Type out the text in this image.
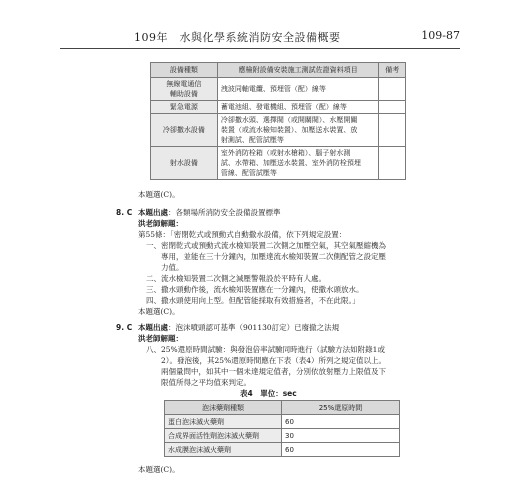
109年　水與化學系統消防安全設備概要	109-87
設備種類	應檢附設備安裝施工測試佐證資料項目	備考

無線電通信
輔助設備	洩波同軸電纜、預埋管（配）線等	

緊急電源	蓄電池組、發電機組、預埋管（配）線等	

冷卻撒水設備	冷卻撒水頭、選擇閥（或開關閥）、水壓開關
裝置（或流水檢知裝置）、加壓送水裝置、放
射測試、配管試壓等	

射水設備	室外消防栓箱（或射水槍箱）、腦子射水測
試、水帶箱、加壓送水裝置、室外消防栓預埋
管線、配管試壓等	

本題選(C)。
8. C 本題出處：各類場所消防安全設備設置標準
洪老師解題：
第55條：「密閉乾式或預動式自動撒水設備，依下列規定設置：
一、密閉乾式或預動式流水檢知裝置二次側之加壓空氣，其空氣壓縮機為
　　專用，並能在三十分鐘內，加壓達流水檢知裝置二次側配管之設定壓
　　力值。
二、流水檢知裝置二次側之減壓警報設於平時有人處。
三、撒水頭動作後，流水檢知裝置應在一分鐘內，使撒水頭放水。
四、撒水頭使用向上型。但配管能採取有效措施者，不在此限。」
本題選(C)。
9. C 本題出處：泡沫噴頭認可基準（901130訂定）已廢撤之法規
洪老師解題：
八、25%還原時間試驗：與發泡倍率試驗同時進行（試驗方法如附錄1或
　　2）。發泡後，其25%還原時間應在下表（表4）所列之規定值以上。
　　兩個量問中，如其中一個未達規定值者，分別依放射壓力上限值及下
　　限值所得之平均值來判定。
表4　單位：sec
泡沫藥劑種類	25%還原時間
蛋白泡沫滅火藥劑	60
合成界面活性劑泡沫滅火藥劑	30
水成膜泡沫滅火藥劑	60
本題選(C)。
